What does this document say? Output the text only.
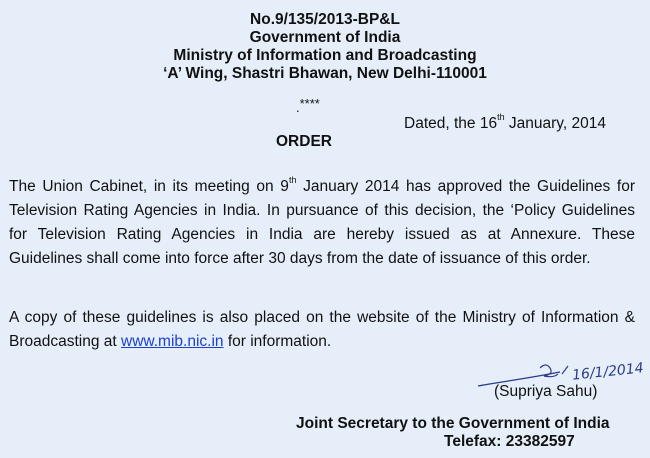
No.9/135/2013-BP&L
Government of India
Ministry of Information and Broadcasting
‘A’ Wing, Shastri Bhawan, New Delhi-110001
.****
Dated, the 16th January, 2014
ORDER
The Union Cabinet, in its meeting on 9th January 2014 has approved the Guidelines for
Television Rating Agencies in India. In pursuance of this decision, the ‘Policy Guidelines
for Television Rating Agencies in India are hereby issued as at Annexure. These
Guidelines shall come into force after 30 days from the date of issuance of this order.
A copy of these guidelines is also placed on the website of the Ministry of Information &
Broadcasting at www.mib.nic.in for information.
16/1/2014
(Supriya Sahu)
Joint Secretary to the Government of India
Telefax: 23382597
